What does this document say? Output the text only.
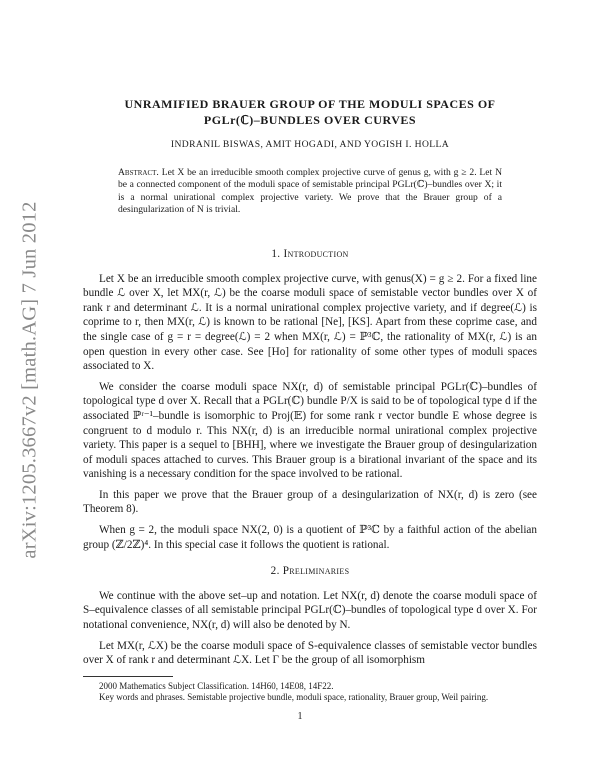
arXiv:1205.3667v2 [math.AG] 7 Jun 2012

UNRAMIFIED BRAUER GROUP OF THE MODULI SPACES OF
PGLr(ℂ)–BUNDLES OVER CURVES

INDRANIL BISWAS, AMIT HOGADI, AND YOGISH I. HOLLA

Abstract. Let X be an irreducible smooth complex projective curve of genus g, with g ≥ 2. Let N be a connected component of the moduli space of semistable principal PGLr(ℂ)–bundles over X; it is a normal unirational complex projective variety. We prove that the Brauer group of a desingularization of N is trivial.
1. Introduction

Let X be an irreducible smooth complex projective curve, with genus(X) = g ≥ 2. For a fixed line bundle ℒ over X, let MX(r, ℒ) be the coarse moduli space of semistable vector bundles over X of rank r and determinant ℒ. It is a normal unirational complex projective variety, and if degree(ℒ) is coprime to r, then MX(r, ℒ) is known to be rational [Ne], [KS]. Apart from these coprime case, and the single case of g = r = degree(ℒ) = 2 when MX(r, ℒ) = ℙ³ℂ, the rationality of MX(r, ℒ) is an open question in every other case. See [Ho] for rationality of some other types of moduli spaces associated to X.

We consider the coarse moduli space NX(r, d) of semistable principal PGLr(ℂ)–bundles of topological type d over X. Recall that a PGLr(ℂ) bundle P/X is said to be of topological type d if the associated ℙʳ⁻¹–bundle is isomorphic to Proj(𝔼) for some rank r vector bundle E whose degree is congruent to d modulo r. This NX(r, d) is an irreducible normal unirational complex projective variety. This paper is a sequel to [BHH], where we investigate the Brauer group of desingularization of moduli spaces attached to curves. This Brauer group is a birational invariant of the space and its vanishing is a necessary condition for the space involved to be rational.

In this paper we prove that the Brauer group of a desingularization of NX(r, d) is zero (see Theorem 8).

When g = 2, the moduli space NX(2, 0) is a quotient of ℙ³ℂ by a faithful action of the abelian group (ℤ/2ℤ)⁴. In this special case it follows the quotient is rational.

2. Preliminaries

We continue with the above set–up and notation. Let NX(r, d) denote the coarse moduli space of S–equivalence classes of all semistable principal PGLr(ℂ)–bundles of topological type d over X. For notational convenience, NX(r, d) will also be denoted by N.

Let MX(r, ℒX) be the coarse moduli space of S-equivalence classes of semistable vector bundles over X of rank r and determinant ℒX. Let Γ be the group of all isomorphism

2000 Mathematics Subject Classification. 14H60, 14E08, 14F22.

Key words and phrases. Semistable projective bundle, moduli space, rationality, Brauer group, Weil pairing.

1
